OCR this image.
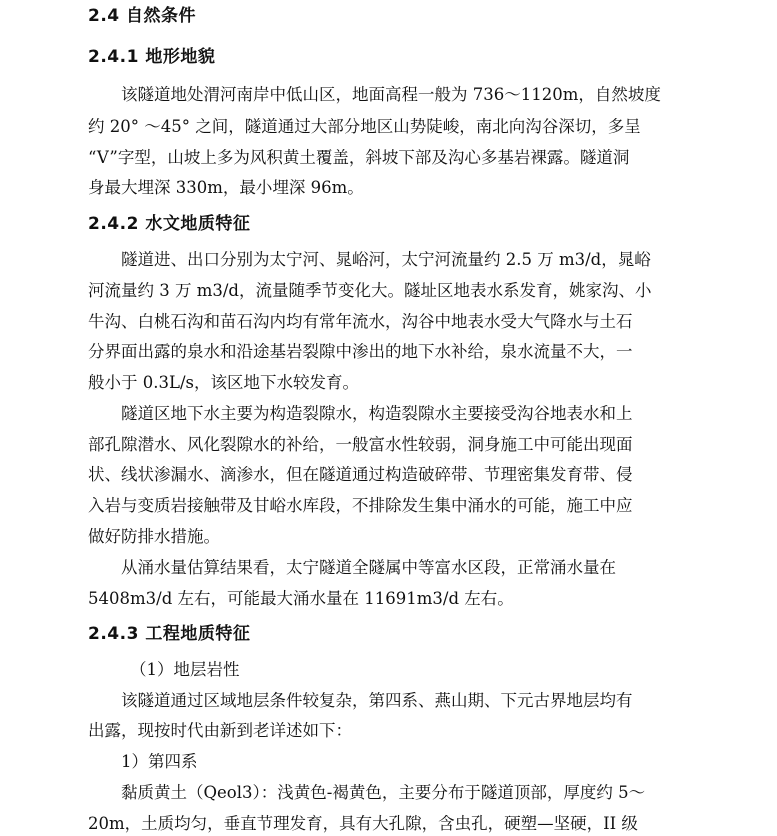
2.4 自然条件
2.4.1 地形地貌
该隧道地处渭河南岸中低山区，地面高程一般为 736～1120m，自然坡度
约 20° ～45° 之间，隧道通过大部分地区山势陡峻，南北向沟谷深切，多呈
“V”字型，山坡上多为风积黄土覆盖，斜坡下部及沟心多基岩裸露。隧道洞
身最大埋深 330m，最小埋深 96m。
2.4.2 水文地质特征
隧道进、出口分别为太宁河、晁峪河，太宁河流量约 2.5 万 m3/d，晁峪
河流量约 3 万 m3/d，流量随季节变化大。隧址区地表水系发育，姚家沟、小
牛沟、白桃石沟和苗石沟内均有常年流水，沟谷中地表水受大气降水与土石
分界面出露的泉水和沿途基岩裂隙中渗出的地下水补给，泉水流量不大，一
般小于 0.3L/s，该区地下水较发育。
隧道区地下水主要为构造裂隙水，构造裂隙水主要接受沟谷地表水和上
部孔隙潜水、风化裂隙水的补给，一般富水性较弱，洞身施工中可能出现面
状、线状渗漏水、滴渗水，但在隧道通过构造破碎带、节理密集发育带、侵
入岩与变质岩接触带及甘峪水库段，不排除发生集中涌水的可能，施工中应
做好防排水措施。
从涌水量估算结果看，太宁隧道全隧属中等富水区段，正常涌水量在
5408m3/d 左右，可能最大涌水量在 11691m3/d 左右。
2.4.3 工程地质特征
（1）地层岩性
该隧道通过区域地层条件较复杂，第四系、燕山期、下元古界地层均有
出露，现按时代由新到老详述如下：
1）第四系
黏质黄土（Qeol3）：浅黄色-褐黄色，主要分布于隧道顶部，厚度约 5～
20m，土质均匀，垂直节理发育，具有大孔隙，含虫孔，硬塑—坚硬，II 级
